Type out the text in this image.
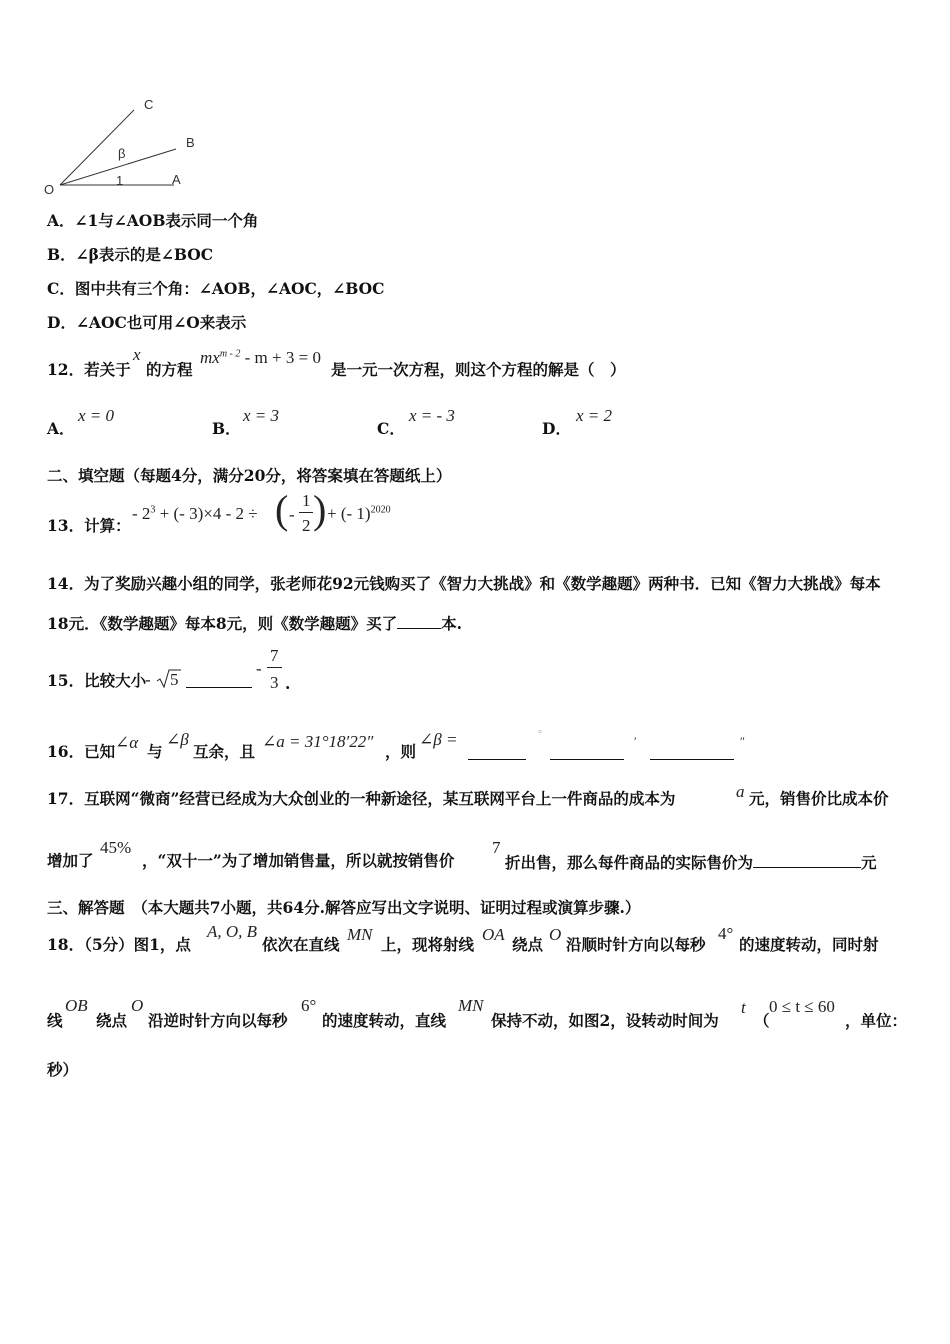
C
B
O
A
β
1
A．∠1与∠AOB表示同一个角
B．∠β表示的是∠BOC
C．图中共有三个角：∠AOB，∠AOC，∠BOC
D．∠AOC也可用∠O来表示
12．若关于
x
的方程
$mx^{m - 2} - m + 3 = 0$
是一元一次方程，则这个方程的解是（　）
A．
x = 0
B．
x = 3
C．
x = - 3
D．
x = 2
二、填空题（每题4分，满分20分，将答案填在答题纸上）
13．计算：
- $2^3$ + (- 3)×4 - 2 ÷ ( -
1
2 ) + (- 1)$^{2020}$
14．为了奖励兴趣小组的同学，张老师花92元钱购买了《智力大挑战》和《数学趣题》两种书．已知《智力大挑战》每本
18元．《数学趣题》每本8元，则《数学趣题》买了	本.
15．比较大小
- 5
-
7
3 .
16．已知 ∠α 与
∠β
互余，且
∠a = 31°18′22″
，则
∠β =	°	′	″
17．互联网“微商”经营已经成为大众创业的一种新途径，某互联网平台上一件商品的成本为	a 元，销售价比成本价
增加了
45%
，“双十一”为了增加销售量，所以就按销售价
7
折出售，那么每件商品的实际售价为	元
三、解答题　（本大题共7小题，共64分.解答应写出文字说明、证明过程或演算步骤.）
18．（5分）图1，点
A, O, B
依次在直线
MN
上，现将射线
OA
绕点
O
沿顺时针方向以每秒
4°
的速度转动，同时射
线
OB
绕点
O
沿逆时针方向以每秒
6°
的速度转动，直线
MN
保持不动，如图2，设转动时间为
t
（
0 ≤ t ≤ 60
，单位：
秒）
